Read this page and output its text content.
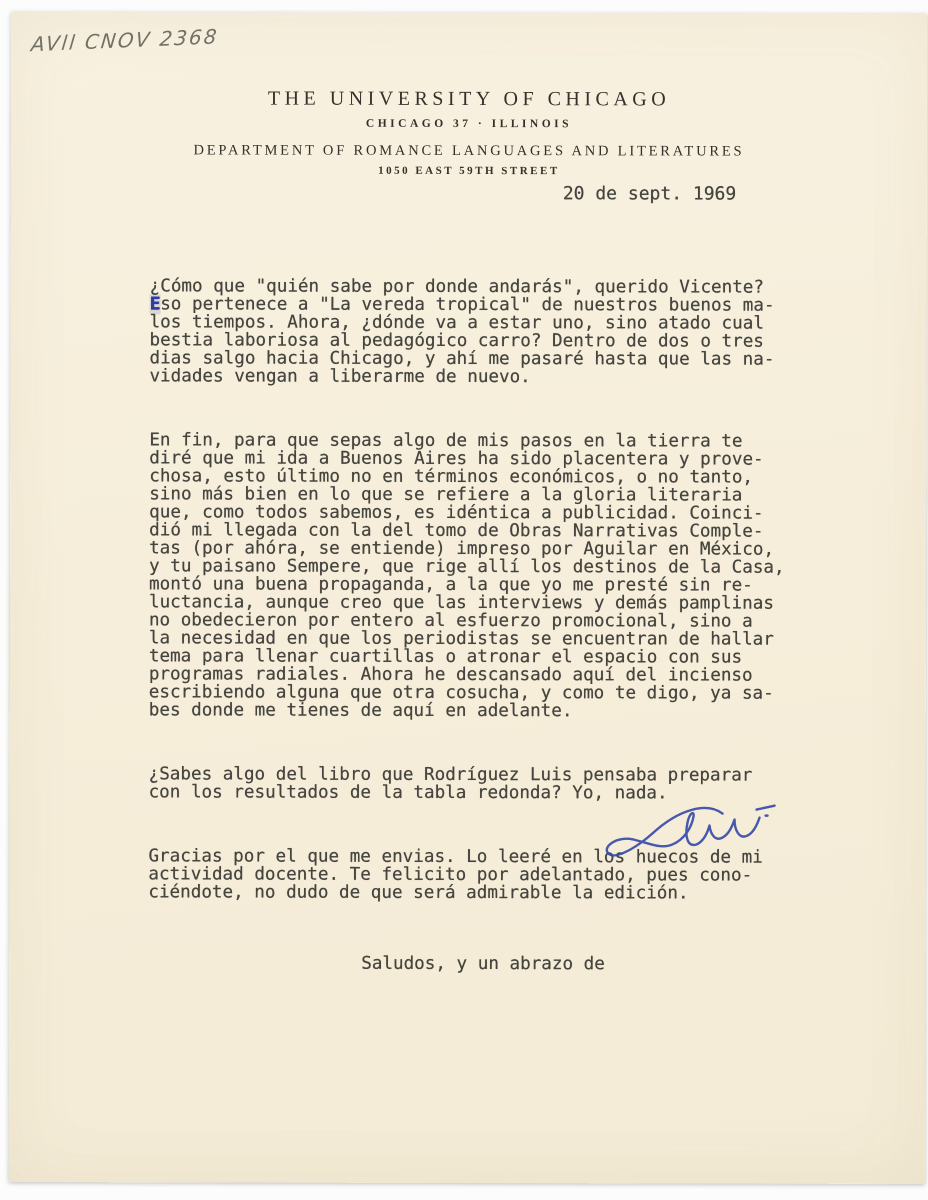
AVll CNOV 2368
THE UNIVERSITY OF CHICAGO
CHICAGO 37 · ILLINOIS
DEPARTMENT OF ROMANCE LANGUAGES AND LITERATURES
1050 EAST 59TH STREET
20 de sept. 1969

¿Cómo que "quién sabe por donde andarás", querido Vicente?
Eso pertenece a "La vereda tropical" de nuestros buenos ma-
los tiempos. Ahora, ¿dónde va a estar uno, sino atado cual
bestia laboriosa al pedagógico carro? Dentro de dos o tres
dias salgo hacia Chicago, y ahí me pasaré hasta que las na-
vidades vengan a liberarme de nuevo.

En fin, para que sepas algo de mis pasos en la tierra te
diré que mi ida a Buenos Aires ha sido placentera y prove-
chosa, esto último no en términos económicos, o no tanto,
sino más bien en lo que se refiere a la gloria literaria
que, como todos sabemos, es idéntica a publicidad. Coinci-
dió mi llegada con la del tomo de Obras Narrativas Comple-
tas (por ahóra, se entiende) impreso por Aguilar en México,
y tu paisano Sempere, que rige allí los destinos de la Casa,
montó una buena propaganda, a la que yo me presté sin re-
luctancia, aunque creo que las interviews y demás pamplinas
no obedecieron por entero al esfuerzo promocional, sino a
la necesidad en que los periodistas se encuentran de hallar
tema para llenar cuartillas o atronar el espacio con sus
programas radiales. Ahora he descansado aquí del incienso
escribiendo alguna que otra cosucha, y como te digo, ya sa-
bes donde me tienes de aquí en adelante.

¿Sabes algo del libro que Rodríguez Luis pensaba preparar
con los resultados de la tabla redonda? Yo, nada.

Gracias por el que me envias. Lo leeré en los huecos de mi
actividad docente. Te felicito por adelantado, pues cono-
ciéndote, no dudo de que será admirable la edición.

Saludos, y un abrazo de
